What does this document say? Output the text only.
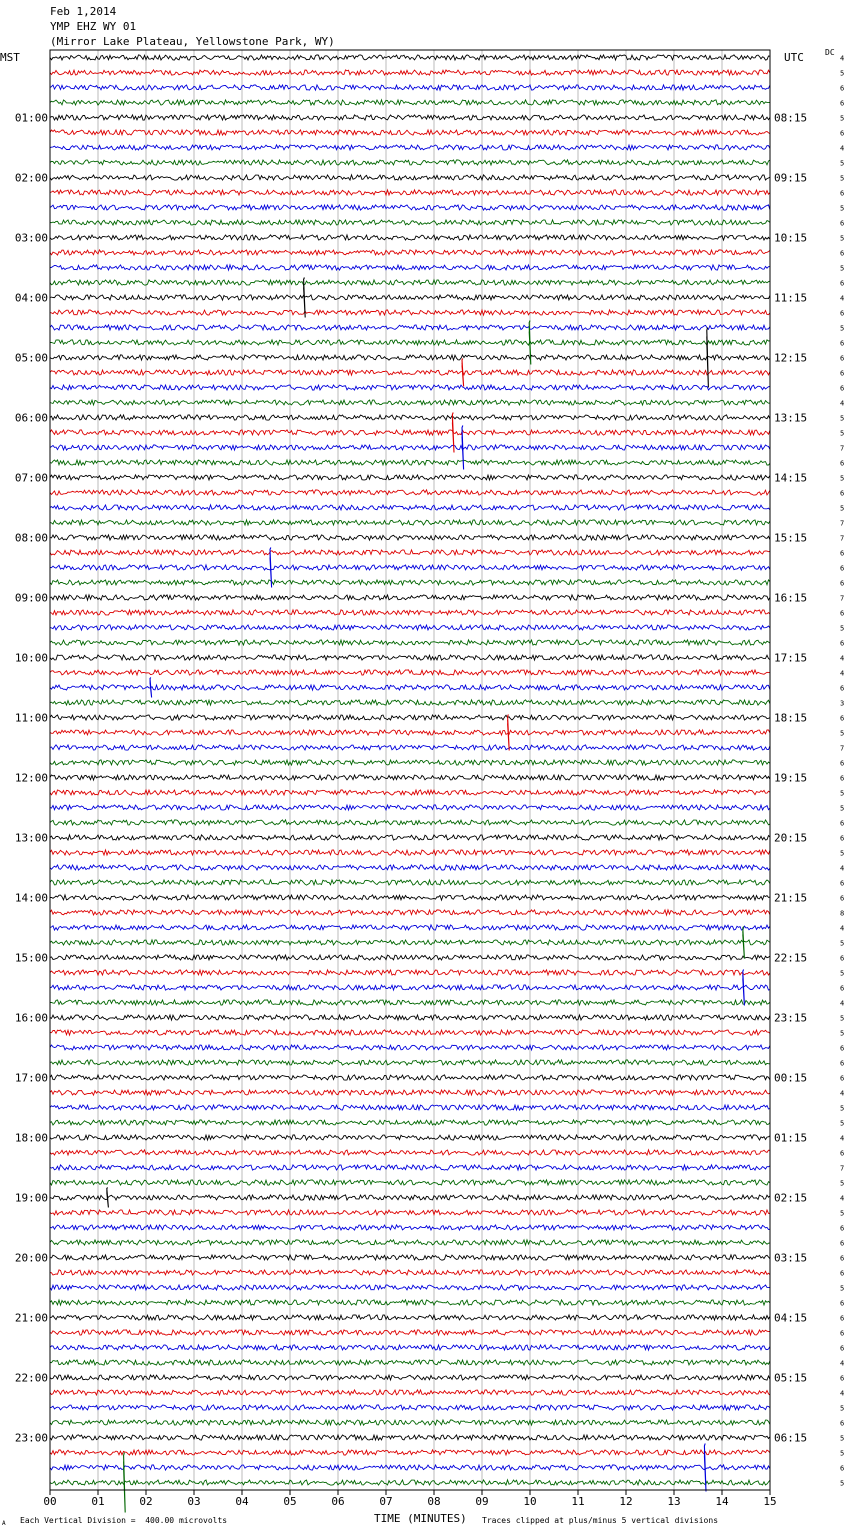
Feb 1,2014
YMP EHZ WY 01
(Mirror Lake Plateau, Yellowstone Park, WY)
MST	UTC	DC
00	01	02	03	04	05	06	07	08	09	10	11	12	13	14	15
4
5
6
6
5
6
4
5
5
6
5
6
5
6
5
6
4
6
5
6
6
6
6
4
5
5
7
6
5
6
5
7
7
6
6
6
7
6
5
6
4
4
6
3
6
5
7
6
6
5
5
6
6
5
4
6
6
8
4
5
6
5
6
4
5
5
6
6
6
4
5
5
4
6
7
5
4
5
6
6
6
6
5
6
6
6
6
4
6
4
5
6
5
5
6
5
01:00	08:15
02:00	09:15
03:00	10:15
04:00	11:15
05:00	12:15
06:00	13:15
07:00	14:15
08:00	15:15
09:00	16:15
10:00	17:15
11:00	18:15
12:00	19:15
13:00	20:15
14:00	21:15
15:00	22:15
16:00	23:15
17:00	00:15
18:00	01:15
19:00	02:15
20:00	03:15
21:00	04:15
22:00	05:15
23:00	06:15
TIME (MINUTES)
A Each Vertical Division =  400.00 microvolts	Traces clipped at plus/minus 5 vertical divisions
